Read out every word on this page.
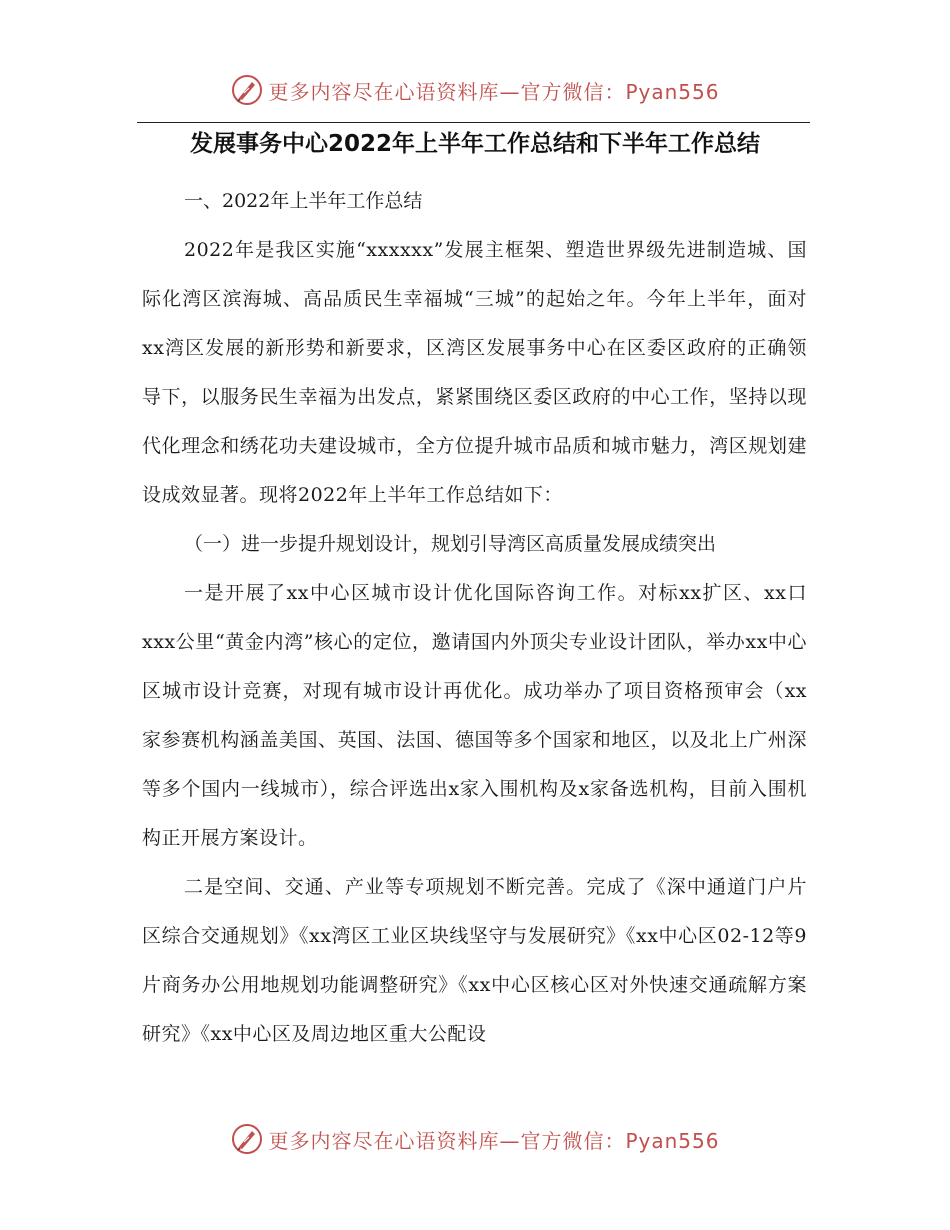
更多内容尽在心语资料库—官方微信：Pyan556
发展事务中心2022年上半年工作总结和下半年工作总结

一、2022年上半年工作总结

2022年是我区实施“xxxxxx”发展主框架、塑造世界级先进制造城、国际化湾区滨海城、高品质民生幸福城“三城”的起始之年。今年上半年，面对xx湾区发展的新形势和新要求，区湾区发展事务中心在区委区政府的正确领导下，以服务民生幸福为出发点，紧紧围绕区委区政府的中心工作，坚持以现代化理念和绣花功夫建设城市，全方位提升城市品质和城市魅力，湾区规划建设成效显著。现将2022年上半年工作总结如下：

（一）进一步提升规划设计，规划引导湾区高质量发展成绩突出

一是开展了xx中心区城市设计优化国际咨询工作。对标xx扩区、xx口xxx公里“黄金内湾”核心的定位，邀请国内外顶尖专业设计团队，举办xx中心区城市设计竞赛，对现有城市设计再优化。成功举办了项目资格预审会（xx家参赛机构涵盖美国、英国、法国、德国等多个国家和地区，以及北上广州深等多个国内一线城市），综合评选出x家入围机构及x家备选机构，目前入围机构正开展方案设计。

二是空间、交通、产业等专项规划不断完善。完成了《深中通道门户片区综合交通规划》《xx湾区工业区块线坚守与发展研究》《xx中心区02-12等9片商务办公用地规划功能调整研究》《xx中心区核心区对外快速交通疏解方案研究》《xx中心区及周边地区重大公配设

更多内容尽在心语资料库—官方微信：Pyan556
